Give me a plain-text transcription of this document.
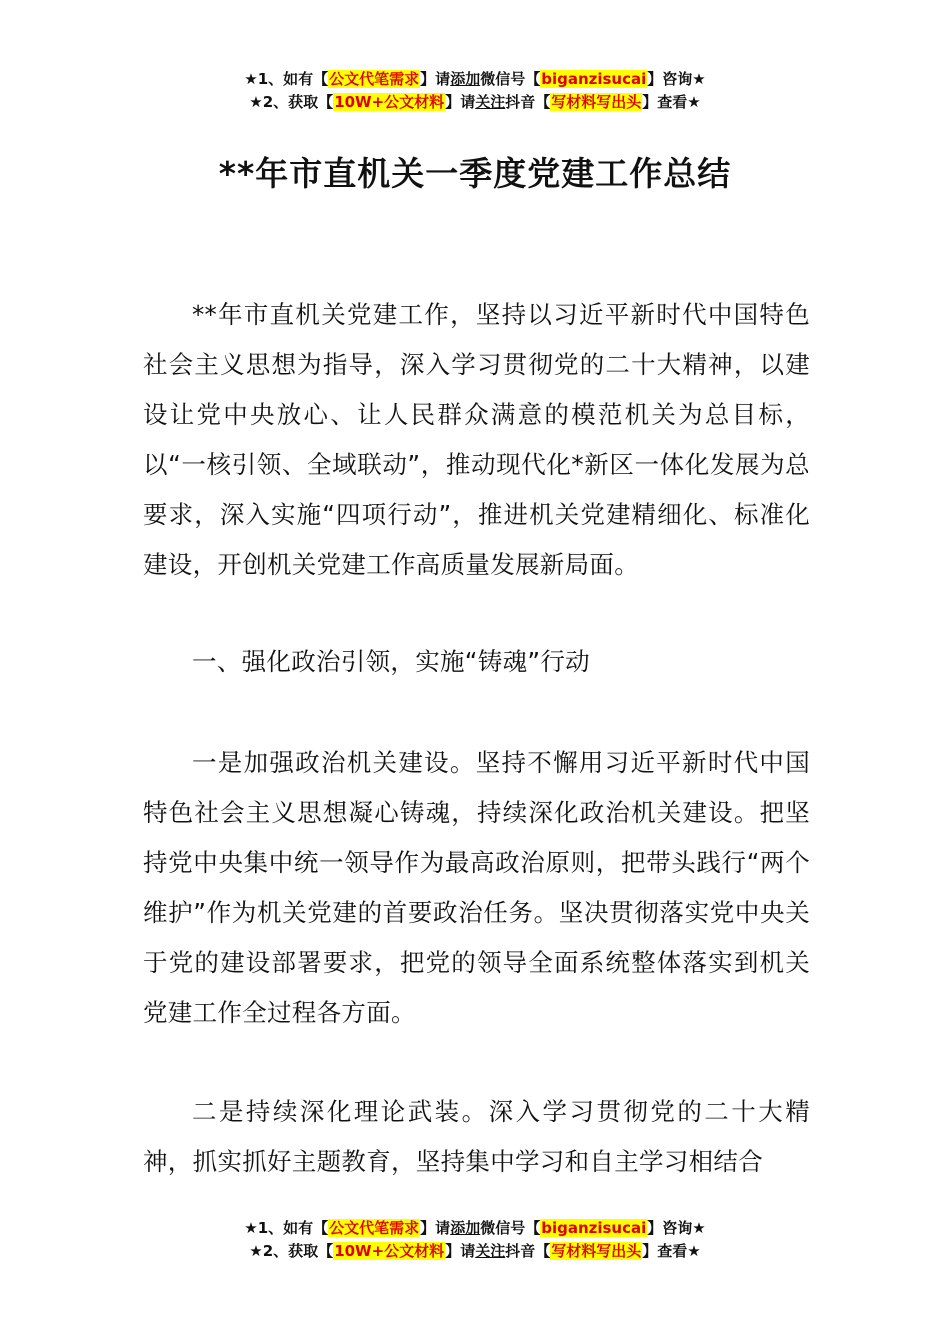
★1、如有【公文代笔需求】请添加微信号【biganzisucai】咨询★
★2、获取【10W+公文材料】请关注抖音【写材料写出头】查看★
**年市直机关一季度党建工作总结

**年市直机关党建工作，坚持以习近平新时代中国特色社会主义思想为指导，深入学习贯彻党的二十大精神，以建设让党中央放心、让人民群众满意的模范机关为总目标，以“一核引领、全域联动”，推动现代化*新区一体化发展为总要求，深入实施“四项行动”，推进机关党建精细化、标准化建设，开创机关党建工作高质量发展新局面。

一、强化政治引领，实施“铸魂”行动

一是加强政治机关建设。坚持不懈用习近平新时代中国特色社会主义思想凝心铸魂，持续深化政治机关建设。把坚持党中央集中统一领导作为最高政治原则，把带头践行“两个维护”作为机关党建的首要政治任务。坚决贯彻落实党中央关于党的建设部署要求，把党的领导全面系统整体落实到机关党建工作全过程各方面。

二是持续深化理论武装。深入学习贯彻党的二十大精神，抓实抓好主题教育，坚持集中学习和自主学习相结合

★1、如有【公文代笔需求】请添加微信号【biganzisucai】咨询★
★2、获取【10W+公文材料】请关注抖音【写材料写出头】查看★
